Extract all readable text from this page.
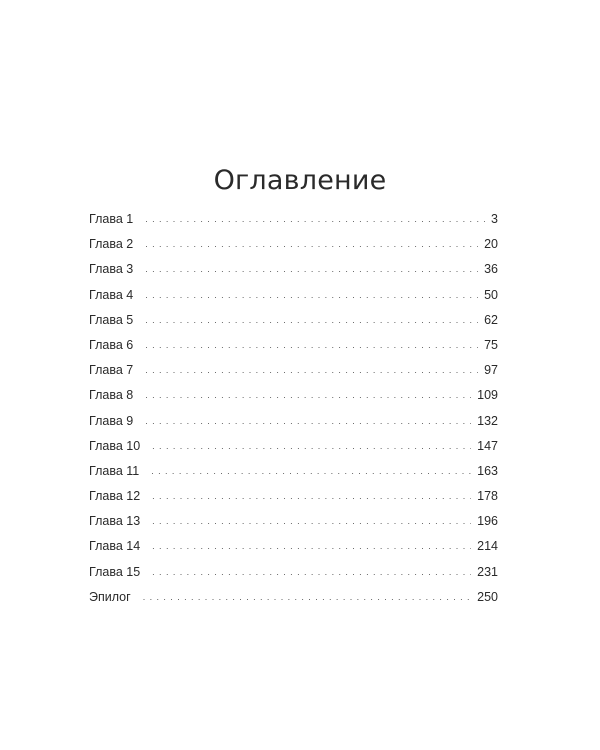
Оглавление
Глава 1 . . .	3
Глава 2 . . .	20
Глава 3 . . .	36
Глава 4 . . .	50
Глава 5 . . .	62
Глава 6 . . .	75
Глава 7 . . .	97
Глава 8 . . .	109
Глава 9 . . .	132
Глава 10 . . .	147
Глава 11 . . .	163
Глава 12 . . .	178
Глава 13 . . .	196
Глава 14 . . .	214
Глава 15 . . .	231
Эпилог . . .	250
